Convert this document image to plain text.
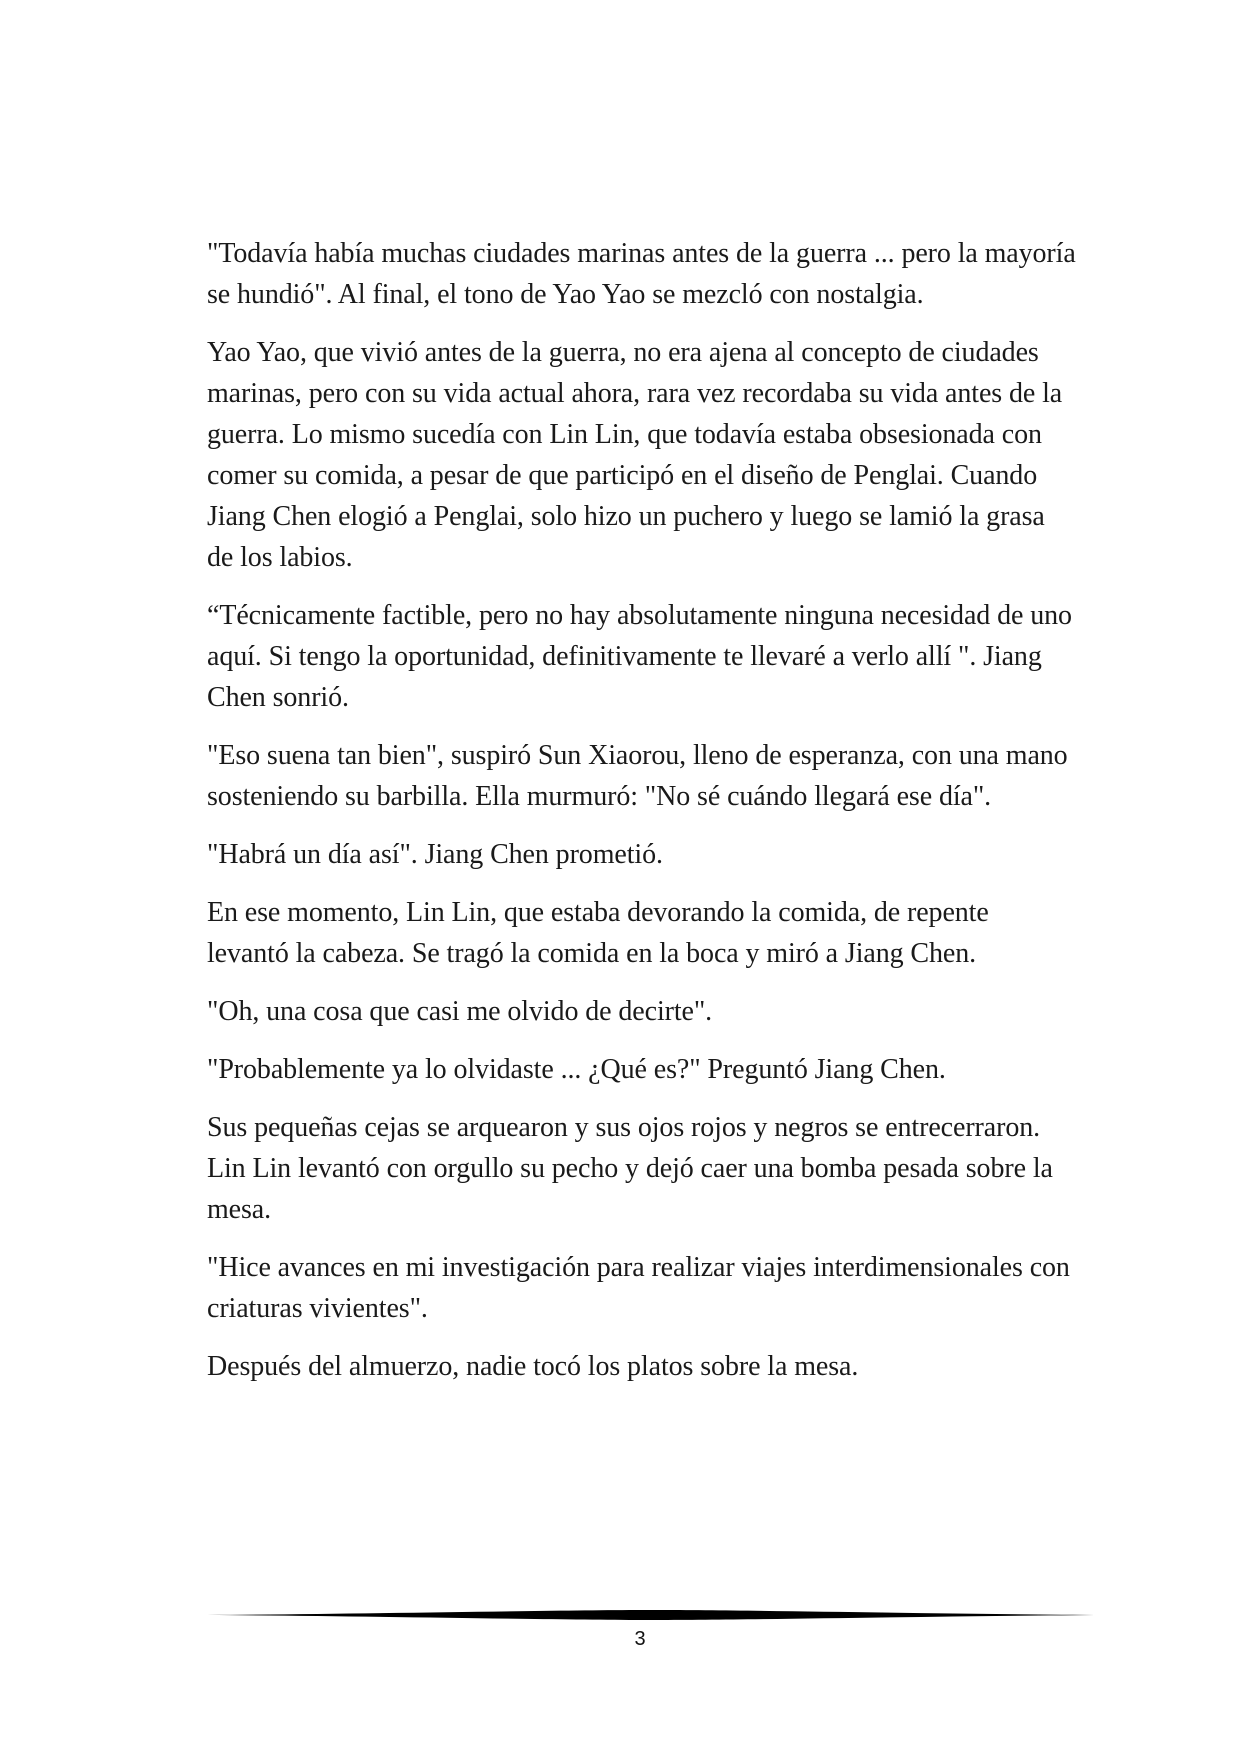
"Todavía había muchas ciudades marinas antes de la guerra ... pero la mayoría se hundió". Al final, el tono de Yao Yao se mezcló con nostalgia.

Yao Yao, que vivió antes de la guerra, no era ajena al concepto de ciudades marinas, pero con su vida actual ahora, rara vez recordaba su vida antes de la guerra. Lo mismo sucedía con Lin Lin, que todavía estaba obsesionada con comer su comida, a pesar de que participó en el diseño de Penglai. Cuando Jiang Chen elogió a Penglai, solo hizo un puchero y luego se lamió la grasa de los labios.

“Técnicamente factible, pero no hay absolutamente ninguna necesidad de uno aquí. Si tengo la oportunidad, definitivamente te llevaré a verlo allí ". Jiang Chen sonrió.

"Eso suena tan bien", suspiró Sun Xiaorou, lleno de esperanza, con una mano sosteniendo su barbilla. Ella murmuró: "No sé cuándo llegará ese día".

"Habrá un día así". Jiang Chen prometió.

En ese momento, Lin Lin, que estaba devorando la comida, de repente levantó la cabeza. Se tragó la comida en la boca y miró a Jiang Chen.

"Oh, una cosa que casi me olvido de decirte".

"Probablemente ya lo olvidaste ... ¿Qué es?" Preguntó Jiang Chen.

Sus pequeñas cejas se arquearon y sus ojos rojos y negros se entrecerraron. Lin Lin levantó con orgullo su pecho y dejó caer una bomba pesada sobre la mesa.

"Hice avances en mi investigación para realizar viajes interdimensionales con criaturas vivientes".

Después del almuerzo, nadie tocó los platos sobre la mesa.

3
